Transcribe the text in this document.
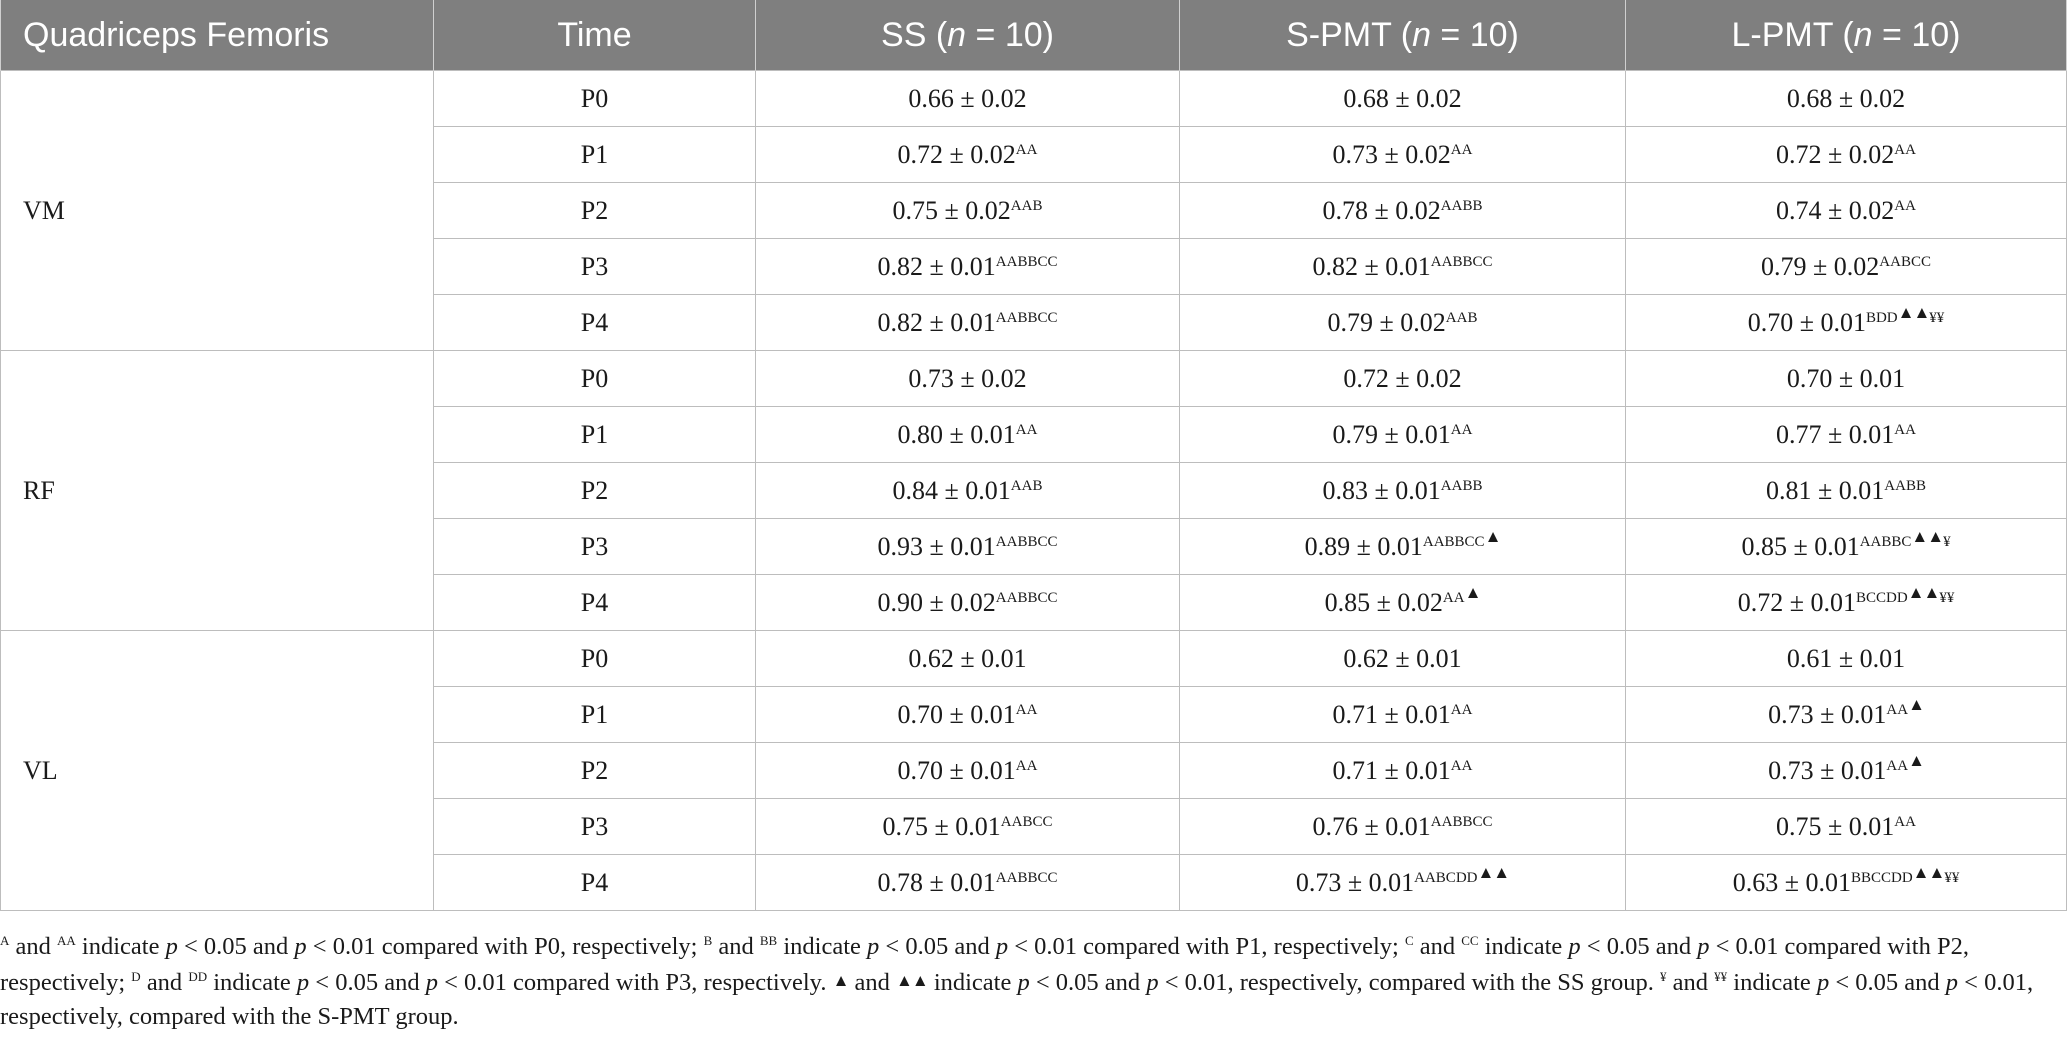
Quadriceps Femoris	Time	SS (n = 10)	S-PMT (n = 10)	L-PMT (n = 10)
VM	P0	0.66 ± 0.02	0.68 ± 0.02	0.68 ± 0.02
	P1	$0.72 \pm 0.02^{AA}$	$0.73 \pm 0.02^{AA}$	$0.72 \pm 0.02^{AA}$
	P2	$0.75 \pm 0.02^{AAB}$	$0.78 \pm 0.02^{AABB}$	$0.74 \pm 0.02^{AA}$
	P3	$0.82 \pm 0.01^{AABBCC}$	$0.82 \pm 0.01^{AABBCC}$	$0.79 \pm 0.02^{AABCC}$
	P4	$0.82 \pm 0.01^{AABBCC}$	$0.79 \pm 0.02^{AAB}$	$0.70 \pm 0.01^{BDD▲▲¥¥}$
RF	P0	0.73 ± 0.02	0.72 ± 0.02	0.70 ± 0.01
	P1	$0.80 \pm 0.01^{AA}$	$0.79 \pm 0.01^{AA}$	$0.77 \pm 0.01^{AA}$
	P2	$0.84 \pm 0.01^{AAB}$	$0.83 \pm 0.01^{AABB}$	$0.81 \pm 0.01^{AABB}$
	P3	$0.93 \pm 0.01^{AABBCC}$	$0.89 \pm 0.01^{AABBCC▲}$	$0.85 \pm 0.01^{AABBC▲▲¥}$
	P4	$0.90 \pm 0.02^{AABBCC}$	$0.85 \pm 0.02^{AA▲}$	$0.72 \pm 0.01^{BCCDD▲▲¥¥}$
VL	P0	0.62 ± 0.01	0.62 ± 0.01	0.61 ± 0.01
	P1	$0.70 \pm 0.01^{AA}$	$0.71 \pm 0.01^{AA}$	$0.73 \pm 0.01^{AA▲}$
	P2	$0.70 \pm 0.01^{AA}$	$0.71 \pm 0.01^{AA}$	$0.73 \pm 0.01^{AA▲}$
	P3	$0.75 \pm 0.01^{AABCC}$	$0.76 \pm 0.01^{AABBCC}$	$0.75 \pm 0.01^{AA}$
	P4	$0.78 \pm 0.01^{AABBCC}$	$0.73 \pm 0.01^{AABCDD▲▲}$	$0.63 \pm 0.01^{BBCCDD▲▲¥¥}$

$^A$ and $^{AA}$ indicate p < 0.05 and p < 0.01 compared with P0, respectively; $^B$ and $^{BB}$ indicate p < 0.05 and p < 0.01 compared with P1, respectively; $^C$ and $^{CC}$ indicate p < 0.05 and p < 0.01 compared with P2, respectively; $^D$ and $^{DD}$ indicate p < 0.05 and p < 0.01 compared with P3, respectively. ▲ and ▲▲ indicate p < 0.05 and p < 0.01, respectively, compared with the SS group. ¥ and ¥¥ indicate p < 0.05 and p < 0.01, respectively, compared with the S-PMT group.
